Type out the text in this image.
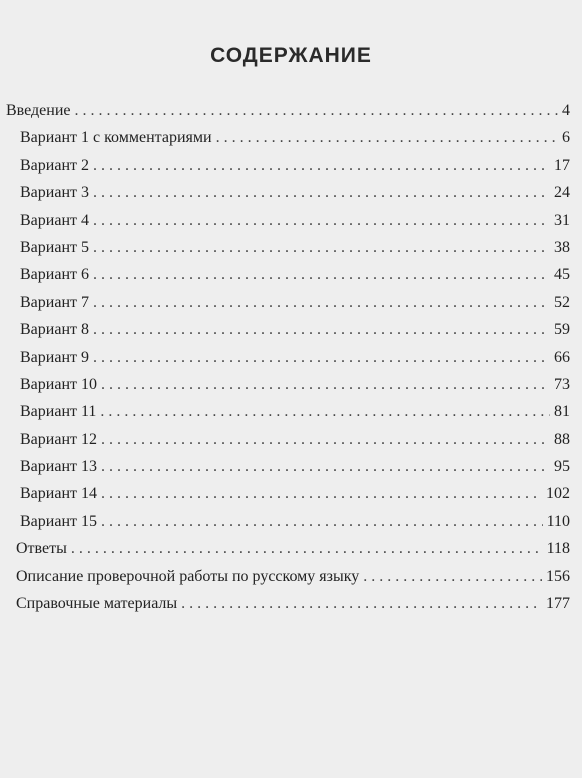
СОДЕРЖАНИЕ
Введение . . .	4
Вариант 1 с комментариями . . .	6
Вариант 2 . . .	17
Вариант 3 . . .	24
Вариант 4 . . .	31
Вариант 5 . . .	38
Вариант 6 . . .	45
Вариант 7 . . .	52
Вариант 8 . . .	59
Вариант 9 . . .	66
Вариант 10 . . .	73
Вариант 11 . . .	81
Вариант 12 . . .	88
Вариант 13 . . .	95
Вариант 14 . . .	102
Вариант 15 . . .	110
Ответы . . .	118
Описание проверочной работы по русскому языку . . .	156
Справочные материалы . . .	177
